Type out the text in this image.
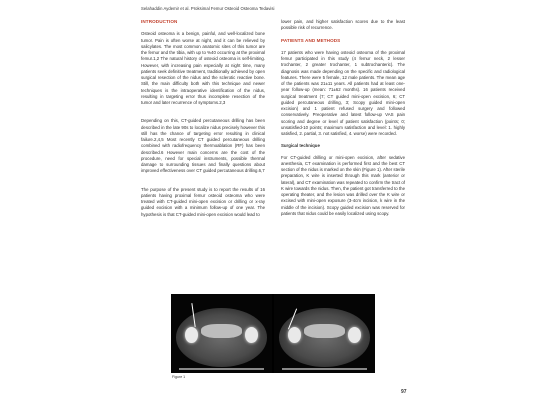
Selahaddin Aydemir et al. Proksimal Femur Osteoid Osteoma Tedavisi
INTRODUCTION

Osteoid osteoma is a benign, painful, and well-localized bone tumor. Pain is often worse at night, and it can be relieved by salicylates. The most common anatomic sites of this tumor are the femur and the tibia, with up to %40 occurring at the proximal femur.1,2 The natural history of osteoid osteoma is self-limiting. However, with increasing pain especially at night time, many patients seek definitive treatment, traditionally achieved by open surgical resection of the nidus and the sclerotic reactive bone. Still, the main difficulty both with this technique and newer techniques is the intraoperative identification of the nidus, resulting in targeting error thus incomplete resection of the tumor and later recurrence of symptoms.2,3

Depending on this, CT-guided percutaneous drilling has been described in the late 90s to localize nidus precisely however this still has the chance of targeting error resulting in clinical failure.2,4,5 Most recently CT guided percutaneous drilling combined with radiofrequency thermoablation (RF) has been described.6 However main concerns are the cost of the procedure, need for special instruments, possible thermal damage to surrounding tissues and finally questions about improved effectiveness over CT guided percutaneous drilling.6,7

The purpose of the present study is to report the results of 16 patients having proximal femur osteoid osteoma who were treated with CT-guided mini-open excision or drilling or x-ray guided excision with a minimum follow-up of one year. The hypothesis is that CT-guided mini-open excision would lead to

lower pain, and higher satisfaction scores due to the least possible risk of recurrence.

PATIENTS AND METHODS

17 patients who were having osteoid osteoma of the proximal femur participated in this study (4 femur neck, 2 lesser trochanter, 2 greater trochanter, 1 subtrochanteric). The diagnosis was made depending on the specific and radiological features. There were 5 female, 12 male patients. The mean age of the patients was 21±11 years. All patients had at least one-year follow-up (mean: 71±62 months). 16 patients received surgical treatment (7; CT guided mini-open excision, 6; CT guided percutaneous drilling, 3; Scopy guided mini-open excision) and 1 patient refused surgery and followed conservatively. Preoperative and latest follow-up VAS pain scoring and degree or level of patient satisfaction (points; 0; unsatisfied-10 points; maximum satisfaction and level: 1. highly satisfied, 2. partial, 3. not satisfied, 4. worse) were recorded.

Surgical technique

For CT-guided drilling or mini-open excision, after sedative anesthesia, CT examination is performed first and the best CT section of the nidus is marked on the skin (Figure 1). After sterile preparation, K wire is inserted through this mark (anterior or lateral), and CT examination was repeated to confirm the tract of K wire towards the nidus. Then, the patient got transferred to the operating theater, and the lesion was drilled over the K wire or excised with mini-open exposure (3-4cm incision, k wire in the middle of the incision). Scopy guided excision was reserved for patients that nidus could be easily localized using scopy.

Figure 1
97
